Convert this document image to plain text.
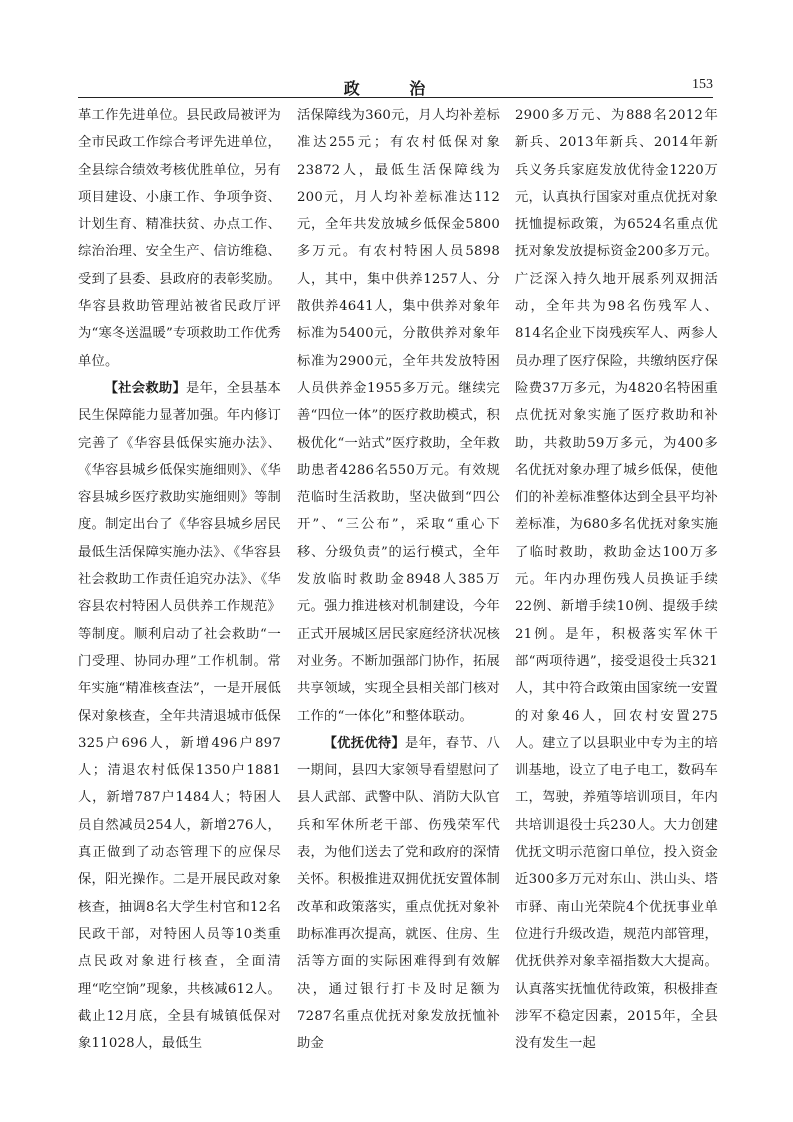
政 治	153

革工作先进单位。县民政局被评为全市民政工作综合考评先进单位，全县综合绩效考核优胜单位，另有项目建设、小康工作、争项争资、计划生育、精准扶贫、办点工作、综治治理、安全生产、信访维稳、受到了县委、县政府的表彰奖励。华容县救助管理站被省民政厅评为“寒冬送温暖”专项救助工作优秀单位。

【社会救助】是年，全县基本民生保障能力显著加强。年内修订完善了《华容县低保实施办法》、《华容县城乡低保实施细则》、《华容县城乡医疗救助实施细则》等制度。制定出台了《华容县城乡居民最低生活保障实施办法》、《华容县社会救助工作责任追究办法》、《华容县农村特困人员供养工作规范》等制度。顺利启动了社会救助“一门受理、协同办理”工作机制。常年实施“精准核查法”，一是开展低保对象核查，全年共清退城市低保325户696人，新增496户897人；清退农村低保1350户1881人，新增787户1484人；特困人员自然减员254人，新增276人，真正做到了动态管理下的应保尽保，阳光操作。二是开展民政对象核查，抽调8名大学生村官和12名民政干部，对特困人员等10类重点民政对象进行核查，全面清理“吃空饷”现象，共核减612人。截止12月底，全县有城镇低保对象11028人，最低生

活保障线为360元，月人均补差标准达255元；有农村低保对象23872人，最低生活保障线为200元，月人均补差标准达112元，全年共发放城乡低保金5800多万元。有农村特困人员5898人，其中，集中供养1257人、分散供养4641人，集中供养对象年标准为5400元，分散供养对象年标准为2900元，全年共发放特困人员供养金1955多万元。继续完善“四位一体”的医疗救助模式，积极优化“一站式”医疗救助，全年救助患者4286名550万元。有效规范临时生活救助，坚决做到“四公开”、“三公布”，采取“重心下移、分级负责”的运行模式，全年发放临时救助金8948人385万元。强力推进核对机制建设，今年正式开展城区居民家庭经济状况核对业务。不断加强部门协作，拓展共享领域，实现全县相关部门核对工作的“一体化”和整体联动。

【优抚优待】是年，春节、八一期间，县四大家领导看望慰问了县人武部、武警中队、消防大队官兵和军休所老干部、伤残荣军代表，为他们送去了党和政府的深情关怀。积极推进双拥优抚安置体制改革和政策落实，重点优抚对象补助标准再次提高，就医、住房、生活等方面的实际困难得到有效解决，通过银行打卡及时足额为7287名重点优抚对象发放抚恤补助金

2900多万元、为888名2012年新兵、2013年新兵、2014年新兵义务兵家庭发放优待金1220万元，认真执行国家对重点优抚对象抚恤提标政策，为6524名重点优抚对象发放提标资金200多万元。广泛深入持久地开展系列双拥活动，全年共为98名伤残军人、814名企业下岗残疾军人、两参人员办理了医疗保险，共缴纳医疗保险费37万多元，为4820名特困重点优抚对象实施了医疗救助和补助，共救助59万多元，为400多名优抚对象办理了城乡低保，使他们的补差标准整体达到全县平均补差标准，为680多名优抚对象实施了临时救助，救助金达100万多元。年内办理伤残人员换证手续22例、新增手续10例、提级手续21例。是年，积极落实军休干部“两项待遇”，接受退役士兵321人，其中符合政策由国家统一安置的对象46人，回农村安置275人。建立了以县职业中专为主的培训基地，设立了电子电工，数码车工，驾驶，养殖等培训项目，年内共培训退役士兵230人。大力创建优抚文明示范窗口单位，投入资金近300多万元对东山、洪山头、塔市驿、南山光荣院4个优抚事业单位进行升级改造，规范内部管理，优抚供养对象幸福指数大大提高。认真落实抚恤优待政策，积极排查涉军不稳定因素，2015年，全县没有发生一起
